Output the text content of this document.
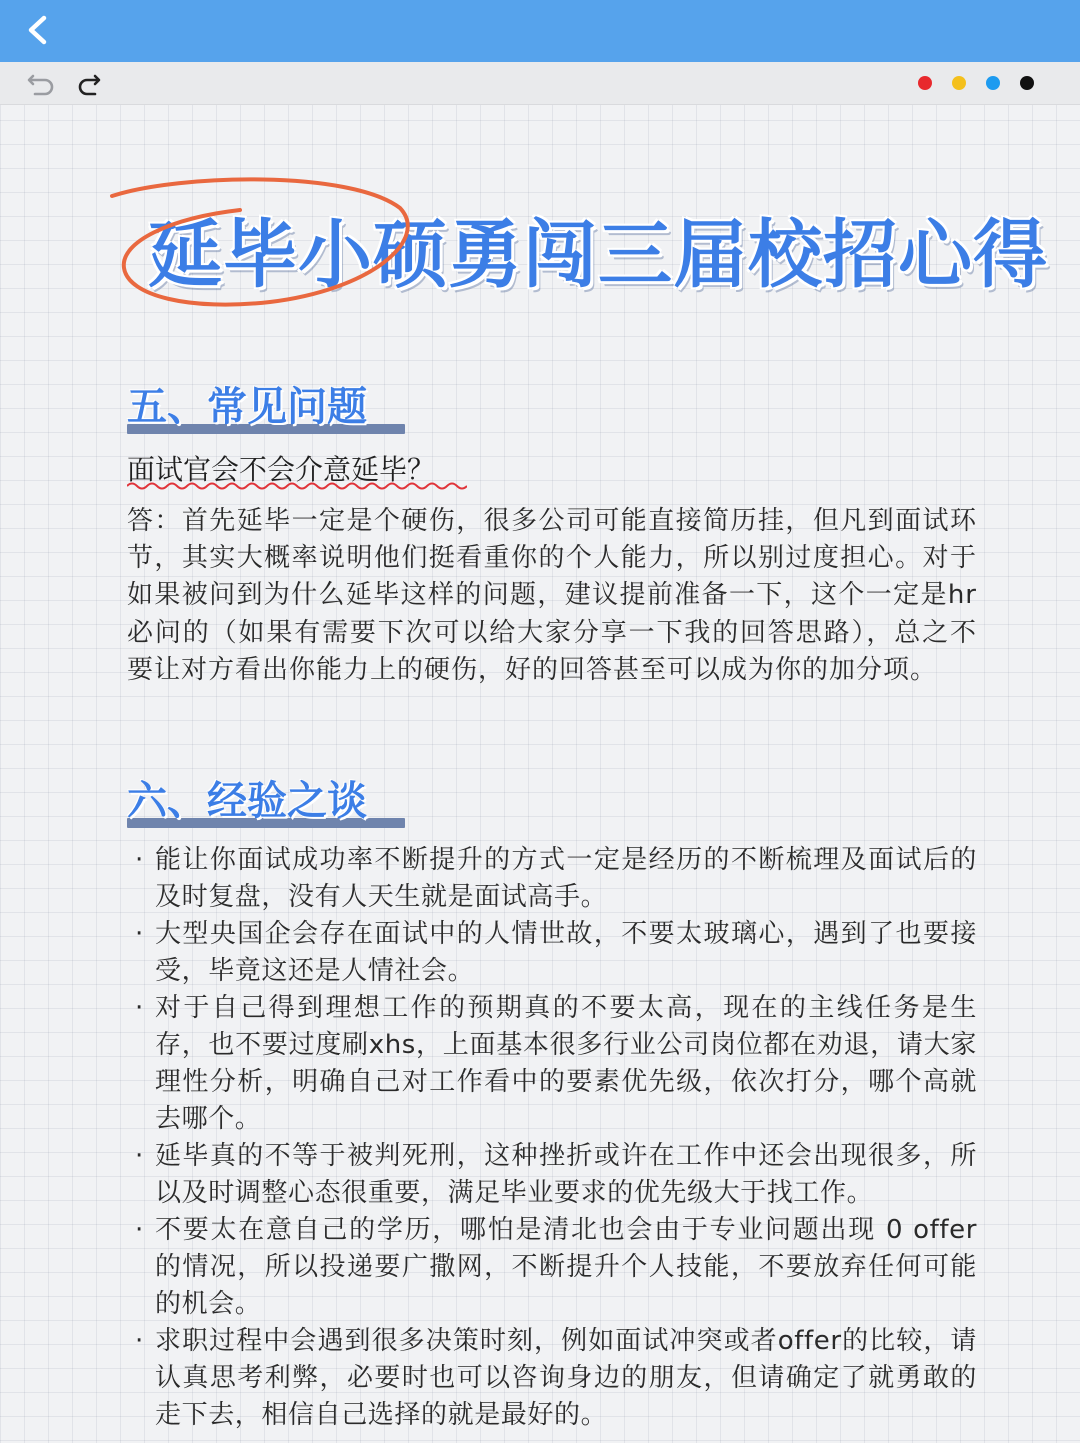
延毕小硕勇闯三届校招心得
五、常见问题
面试官会不会介意延毕？
答：首先延毕一定是个硬伤，很多公司可能直接简历挂，但凡到面试环节，其实大概率说明他们挺看重你的个人能力，所以别过度担心。对于如果被问到为什么延毕这样的问题，建议提前准备一下，这个一定是hr必问的（如果有需要下次可以给大家分享一下我的回答思路），总之不要让对方看出你能力上的硬伤，好的回答甚至可以成为你的加分项。
六、经验之谈
· 能让你面试成功率不断提升的方式一定是经历的不断梳理及面试后的及时复盘，没有人天生就是面试高手。
· 大型央国企会存在面试中的人情世故，不要太玻璃心，遇到了也要接受，毕竟这还是人情社会。
· 对于自己得到理想工作的预期真的不要太高，现在的主线任务是生存，也不要过度刷xhs，上面基本很多行业公司岗位都在劝退，请大家理性分析，明确自己对工作看中的要素优先级，依次打分，哪个高就去哪个。
· 延毕真的不等于被判死刑，这种挫折或许在工作中还会出现很多，所以及时调整心态很重要，满足毕业要求的优先级大于找工作。
· 不要太在意自己的学历，哪怕是清北也会由于专业问题出现 0 offer 的情况，所以投递要广撒网，不断提升个人技能，不要放弃任何可能的机会。
· 求职过程中会遇到很多决策时刻，例如面试冲突或者offer的比较，请认真思考利弊，必要时也可以咨询身边的朋友，但请确定了就勇敢的走下去，相信自己选择的就是最好的。
